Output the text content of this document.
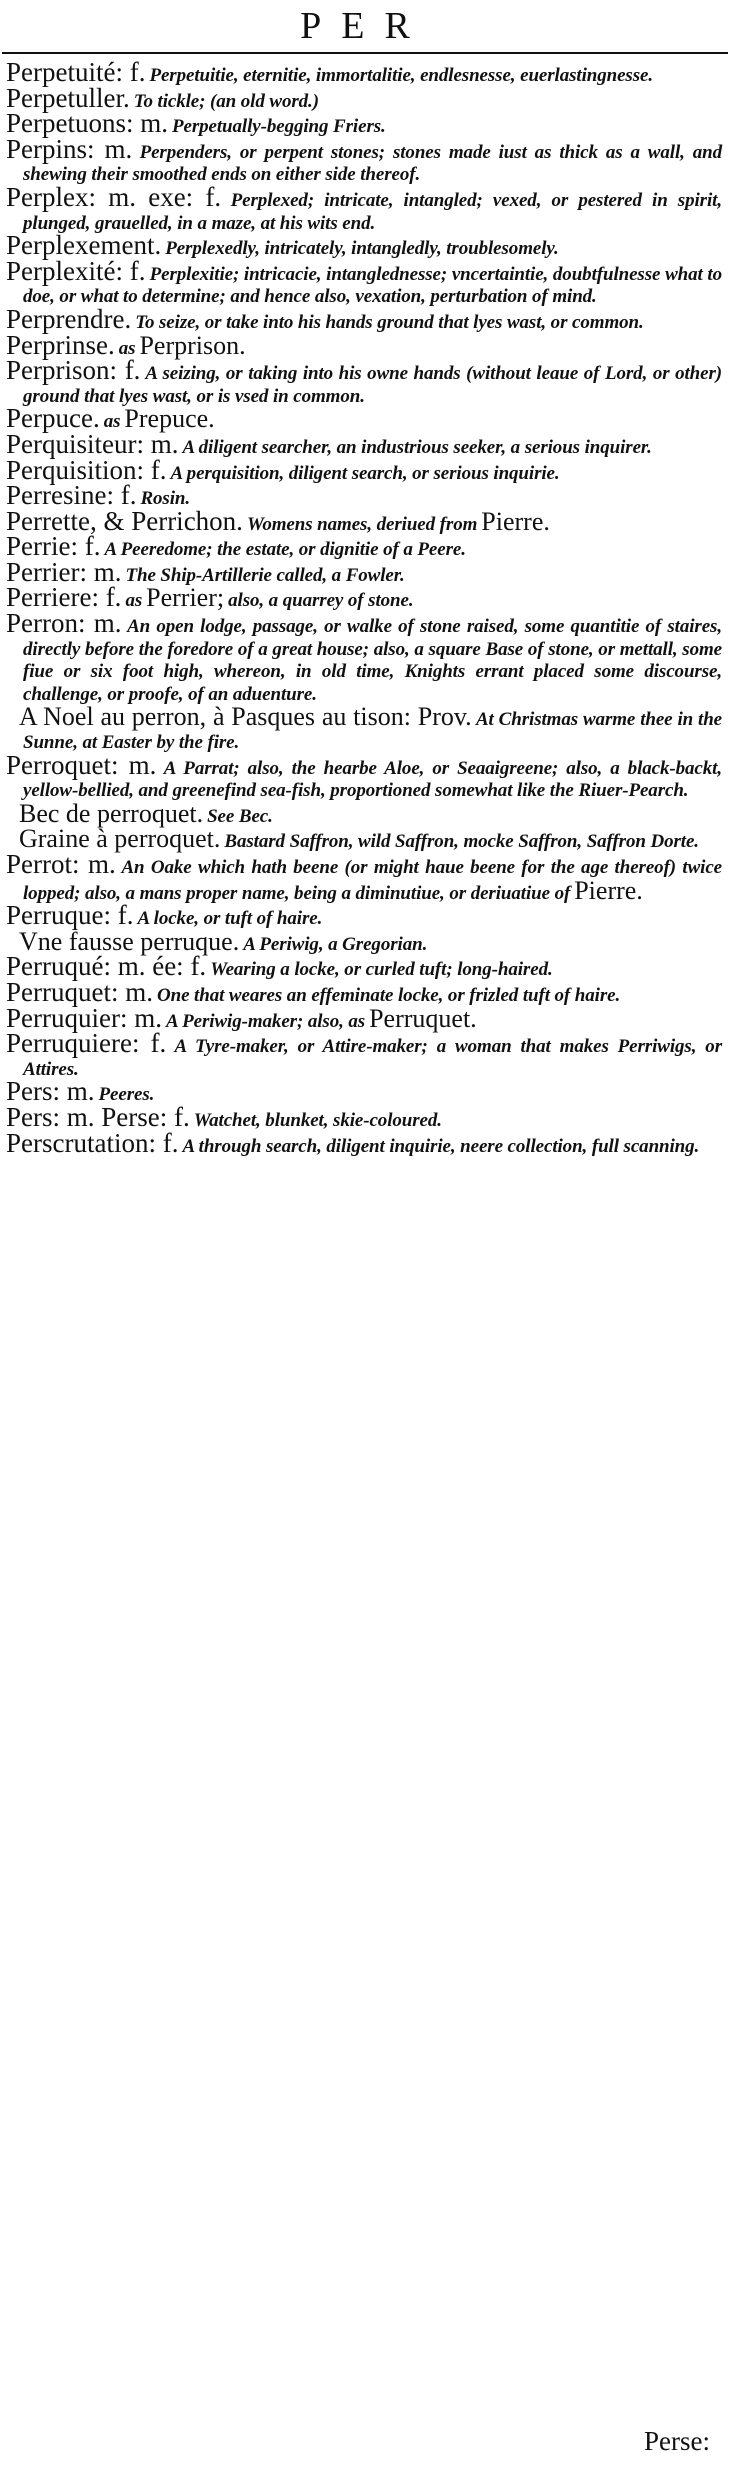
PER
Perpetuité: f. Perpetuitie, eternitie, immortalitie, endlesnesse, euerlastingnesse.
Perpetuller. To tickle; (an old word.)
Perpetuons: m. Perpetually-begging Friers.
Perpins: m. Perpenders, or perpent stones; stones made iust as thick as a wall, and shewing their smoothed ends on either side thereof.
Perplex: m. exe: f. Perplexed; intricate, intangled; vexed, or pestered in spirit, plunged, grauelled, in a maze, at his wits end.
Perplexement. Perplexedly, intricately, intangledly, troublesomely.
Perplexité: f. Perplexitie; intricacie, intanglednesse; vncertaintie, doubtfulnesse what to doe, or what to determine; and hence also, vexation, perturbation of mind.
Perprendre. To seize, or take into his hands ground that lyes wast, or common.
Perprinse. as Perprison.
Perprison: f. A seizing, or taking into his owne hands (without leaue of Lord, or other) ground that lyes wast, or is vsed in common.
Perpuce. as Prepuce.
Perquisiteur: m. A diligent searcher, an industrious seeker, a serious inquirer.
Perquisition: f. A perquisition, diligent search, or serious inquirie.
Perresine: f. Rosin.
Perrette, & Perrichon. Womens names, deriued from Pierre.
Perrie: f. A Peeredome; the estate, or dignitie of a Peere.
Perrier: m. The Ship-Artillerie called, a Fowler.
Perriere: f. as Perrier; also, a quarrey of stone.
Perron: m. An open lodge, passage, or walke of stone raised, some quantitie of staires, directly before the foredore of a great house; also, a square Base of stone, or mettall, some fiue or six foot high, whereon, in old time, Knights errant placed some discourse, challenge, or proofe, of an aduenture.
A Noel au perron, à Pasques au tison: Prov. At Christmas warme thee in the Sunne, at Easter by the fire.
Perroquet: m. A Parrat; also, the hearbe Aloe, or Seaaigreene; also, a black-backt, yellow-bellied, and greenefind sea-fish, proportioned somewhat like the Riuer-Pearch.
Bec de perroquet. See Bec.
Graine à perroquet. Bastard Saffron, wild Saffron, mocke Saffron, Saffron Dorte.
Perrot: m. An Oake which hath beene (or might haue beene for the age thereof) twice lopped; also, a mans proper name, being a diminutiue, or deriuatiue of Pierre.
Perruque: f. A locke, or tuft of haire.
Vne fausse perruque. A Periwig, a Gregorian.
Perruqué: m. ée: f. Wearing a locke, or curled tuft; long-haired.
Perruquet: m. One that weares an effeminate locke, or frizled tuft of haire.
Perruquier: m. A Periwig-maker; also, as Perruquet.
Perruquiere: f. A Tyre-maker, or Attire-maker; a woman that makes Perriwigs, or Attires.
Pers: m. Peeres.
Pers: m. Perse: f. Watchet, blunket, skie-coloured.
Perscrutation: f. A through search, diligent inquirie, neere collection, full scanning.
Perse:
